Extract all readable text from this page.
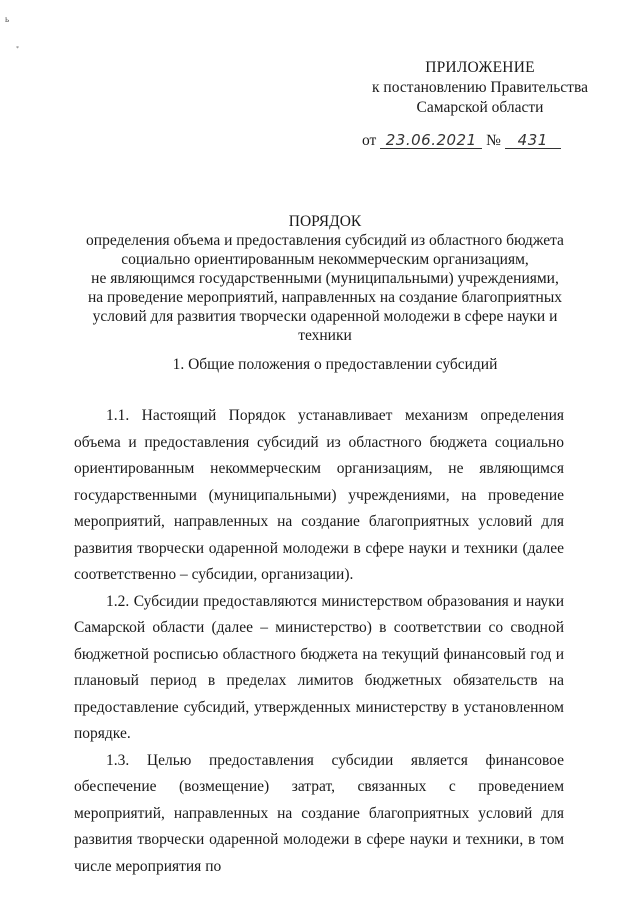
ь
*
ПРИЛОЖЕНИЕ
к постановлению Правительства
Самарской области
от 23.06.2021 № 431
ПОРЯДОК
определения объема и предоставления субсидий из областного бюджета
социально ориентированным некоммерческим организациям,
не являющимся государственными (муниципальными) учреждениями,
на проведение мероприятий, направленных на создание благоприятных
условий для развития творчески одаренной молодежи в сфере науки и
техники
1. Общие положения о предоставлении субсидий

1.1. Настоящий Порядок устанавливает механизм определения объема и предоставления субсидий из областного бюджета социально ориентированным некоммерческим организациям, не являющимся государственными (муниципальными) учреждениями, на проведение мероприятий, направленных на создание благоприятных условий для развития творчески одаренной молодежи в сфере науки и техники (далее соответственно – субсидии, организации).

1.2. Субсидии предоставляются министерством образования и науки Самарской области (далее – министерство) в соответствии со сводной бюджетной росписью областного бюджета на текущий финансовый год и плановый период в пределах лимитов бюджетных обязательств на предоставление субсидий, утвержденных министерству в установленном порядке.

1.3. Целью предоставления субсидии является финансовое обеспечение (возмещение) затрат, связанных с проведением мероприятий, направленных на создание благоприятных условий для развития творчески одаренной молодежи в сфере науки и техники, в том числе мероприятия по
